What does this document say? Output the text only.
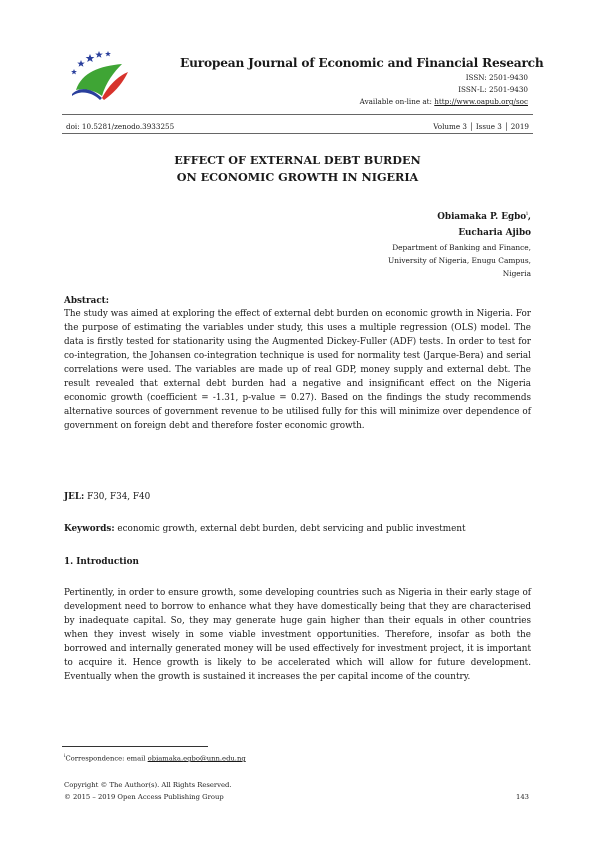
European Journal of Economic and Financial Research
ISSN: 2501-9430
ISSN-L: 2501-9430
Available on-line at: http://www.oapub.org/soc
doi: 10.5281/zenodo.3933255	Volume 3 │ Issue 3 │ 2019
EFFECT OF EXTERNAL DEBT BURDEN
ON ECONOMIC GROWTH IN NIGERIA
Obiamaka P. Egbo$^i$,
Eucharia Ajibo
Department of Banking and Finance,
University of Nigeria, Enugu Campus,
Nigeria
Abstract:
The study was aimed at exploring the effect of external debt burden on economic growth in Nigeria. For the purpose of estimating the variables under study, this uses a multiple regression (OLS) model. The data is firstly tested for stationarity using the Augmented Dickey-Fuller (ADF) tests. In order to test for co-integration, the Johansen co-integration technique is used for normality test (Jarque-Bera) and serial correlations were used. The variables are made up of real GDP, money supply and external debt. The result revealed that external debt burden had a negative and insignificant effect on the Nigeria economic growth (coefficient = -1.31, p-value = 0.27). Based on the findings the study recommends alternative sources of government revenue to be utilised fully for this will minimize over dependence of government on foreign debt and therefore foster economic growth.
JEL: F30, F34, F40
Keywords: economic growth, external debt burden, debt servicing and public investment
1. Introduction
Pertinently, in order to ensure growth, some developing countries such as Nigeria in their early stage of development need to borrow to enhance what they have domestically being that they are characterised by inadequate capital. So, they may generate huge gain higher than their equals in other countries when they invest wisely in some viable investment opportunities. Therefore, insofar as both the borrowed and internally generated money will be used effectively for investment project, it is important to acquire it. Hence growth is likely to be accelerated which will allow for future development. Eventually when the growth is sustained it increases the per capital income of the country.
$^i$Correspondence: email obiamaka.egbo@unn.edu.ng
Copyright © The Author(s). All Rights Reserved.
© 2015 – 2019 Open Access Publishing Group	143
